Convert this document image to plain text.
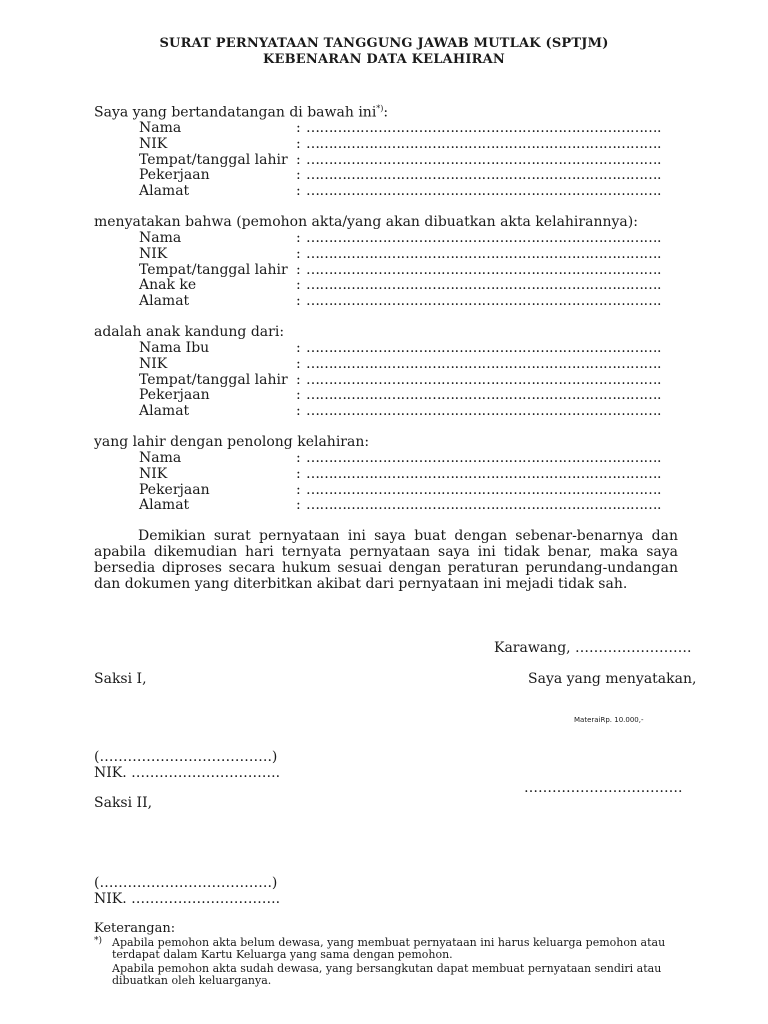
SURAT PERNYATAAN TANGGUNG JAWAB MUTLAK (SPTJM)
KEBENARAN DATA KELAHIRAN
Saya yang bertandatangan di bawah ini*):
Nama	: …………………………………………………………………….
NIK	: …………………………………………………………………….
Tempat/tanggal lahir : …………………………………………………………………….
Pekerjaan	: …………………………………………………………………….
Alamat	: …………………………………………………………………….
menyatakan bahwa (pemohon akta/yang akan dibuatkan akta kelahirannya):
Nama	: …………………………………………………………………….
NIK	: …………………………………………………………………….
Tempat/tanggal lahir : …………………………………………………………………….
Anak ke	: …………………………………………………………………….
Alamat	: …………………………………………………………………….
adalah anak kandung dari:
Nama Ibu	: …………………………………………………………………….
NIK	: …………………………………………………………………….
Tempat/tanggal lahir : …………………………………………………………………….
Pekerjaan	: …………………………………………………………………….
Alamat	: …………………………………………………………………….
yang lahir dengan penolong kelahiran:
Nama	: …………………………………………………………………….
NIK	: …………………………………………………………………….
Pekerjaan	: …………………………………………………………………….
Alamat	: …………………………………………………………………….

Demikian surat pernyataan ini saya buat dengan sebenar-benarnya dan apabila dikemudian hari ternyata pernyataan saya ini tidak benar, maka saya bersedia diproses secara hukum sesuai dengan peraturan perundang-undangan dan dokumen yang diterbitkan akibat dari pernyataan ini mejadi tidak sah.

Karawang, …………………….
Saksi I,
(……………………………….)
NIK. …………………………..
Saya yang menyatakan,
MateraiRp. 10.000,-
…………………………….
Saksi II,
(……………………………….)
NIK. …………………………..
Keterangan:
*) Apabila pemohon akta belum dewasa, yang membuat pernyataan ini harus keluarga pemohon atau terdapat dalam Kartu Keluarga yang sama dengan pemohon.
Apabila pemohon akta sudah dewasa, yang bersangkutan dapat membuat pernyataan sendiri atau dibuatkan oleh keluarganya.
